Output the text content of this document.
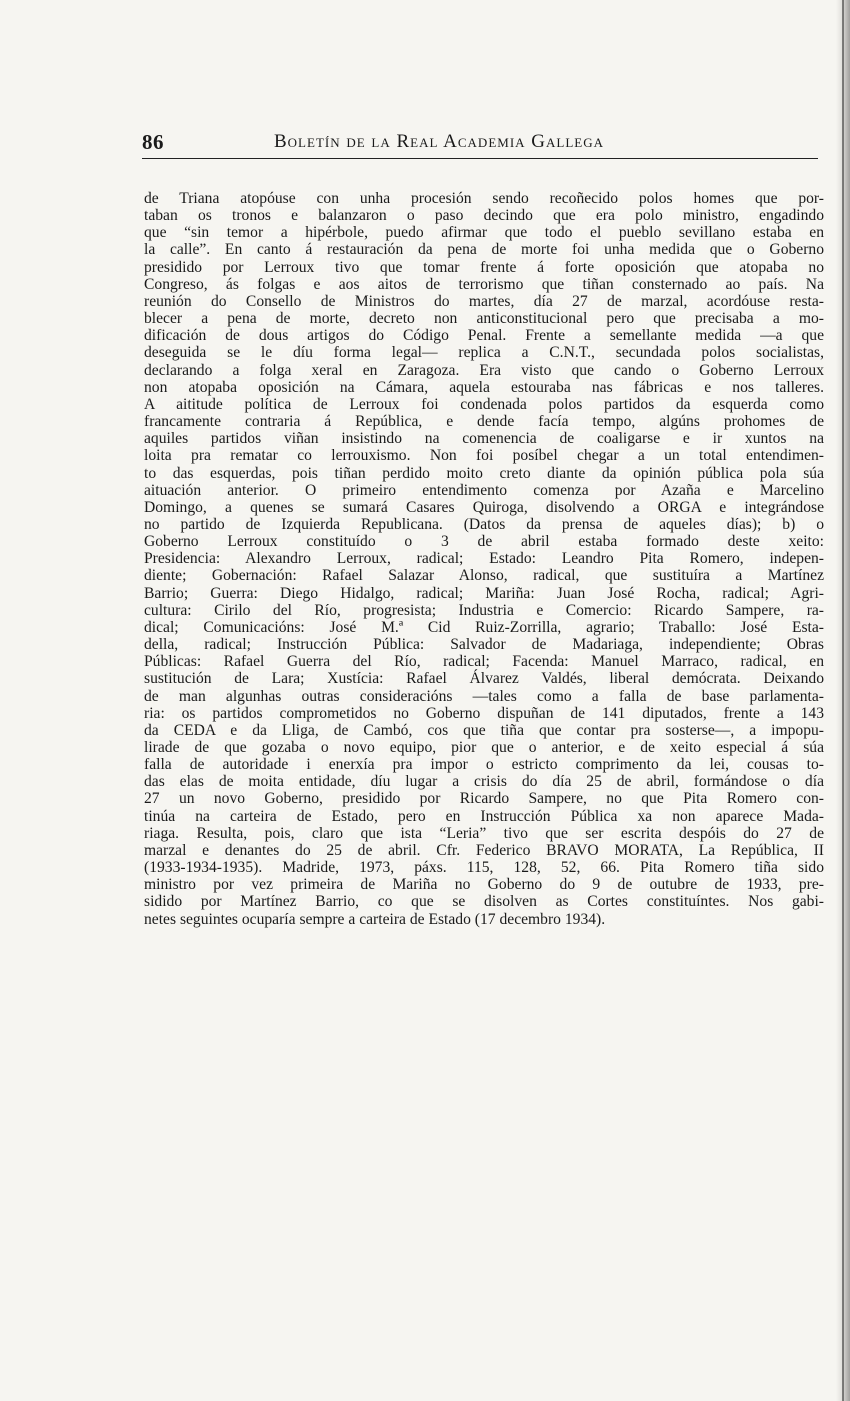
86	Boletín de la Real Academia Gallega
de Triana atopóuse con unha procesión sendo recoñecido polos homes que por-
taban os tronos e balanzaron o paso decindo que era polo ministro, engadindo
que “sin temor a hipérbole, puedo afirmar que todo el pueblo sevillano estaba en
la calle”. En canto á restauración da pena de morte foi unha medida que o Goberno
presidido por Lerroux tivo que tomar frente á forte oposición que atopaba no
Congreso, ás folgas e aos aitos de terrorismo que tiñan consternado ao país. Na
reunión do Consello de Ministros do martes, día 27 de marzal, acordóuse resta-
blecer a pena de morte, decreto non anticonstitucional pero que precisaba a mo-
dificación de dous artigos do Código Penal. Frente a semellante medida —a que
deseguida se le díu forma legal— replica a C.N.T., secundada polos socialistas,
declarando a folga xeral en Zaragoza. Era visto que cando o Goberno Lerroux
non atopaba oposición na Cámara, aquela estouraba nas fábricas e nos talleres.
A aititude política de Lerroux foi condenada polos partidos da esquerda como
francamente contraria á República, e dende facía tempo, algúns prohomes de
aquiles partidos viñan insistindo na comenencia de coaligarse e ir xuntos na
loita pra rematar co lerrouxismo. Non foi posíbel chegar a un total entendimen-
to das esquerdas, pois tiñan perdido moito creto diante da opinión pública pola súa
aituación anterior. O primeiro entendimento comenza por Azaña e Marcelino
Domingo, a quenes se sumará Casares Quiroga, disolvendo a ORGA e integrándose
no partido de Izquierda Republicana. (Datos da prensa de aqueles días); b) o
Goberno Lerroux constituído o 3 de abril estaba formado deste xeito:
Presidencia: Alexandro Lerroux, radical; Estado: Leandro Pita Romero, indepen-
diente; Gobernación: Rafael Salazar Alonso, radical, que sustituíra a Martínez
Barrio; Guerra: Diego Hidalgo, radical; Mariña: Juan José Rocha, radical; Agri-
cultura: Cirilo del Río, progresista; Industria e Comercio: Ricardo Sampere, ra-
dical; Comunicacións: José M.ª Cid Ruiz-Zorrilla, agrario; Traballo: José Esta-
della, radical; Instrucción Pública: Salvador de Madariaga, independiente; Obras
Públicas: Rafael Guerra del Río, radical; Facenda: Manuel Marraco, radical, en
sustitución de Lara; Xustícia: Rafael Álvarez Valdés, liberal demócrata. Deixando
de man algunhas outras consideracións —tales como a falla de base parlamenta-
ria: os partidos comprometidos no Goberno dispuñan de 141 diputados, frente a 143
da CEDA e da Lliga, de Cambó, cos que tiña que contar pra sosterse—, a impopu-
lirade de que gozaba o novo equipo, pior que o anterior, e de xeito especial á súa
falla de autoridade i enerxía pra impor o estricto comprimento da lei, cousas to-
das elas de moita entidade, díu lugar a crisis do día 25 de abril, formándose o día
27 un novo Goberno, presidido por Ricardo Sampere, no que Pita Romero con-
tinúa na carteira de Estado, pero en Instrucción Pública xa non aparece Mada-
riaga. Resulta, pois, claro que ista “Leria” tivo que ser escrita despóis do 27 de
marzal e denantes do 25 de abril. Cfr. Federico BRAVO MORATA, La República, II
(1933-1934-1935). Madride, 1973, páxs. 115, 128, 52, 66. Pita Romero tiña sido
ministro por vez primeira de Mariña no Goberno do 9 de outubre de 1933, pre-
sidido por Martínez Barrio, co que se disolven as Cortes constituíntes. Nos gabi-
netes seguintes ocuparía sempre a carteira de Estado (17 decembro 1934).
